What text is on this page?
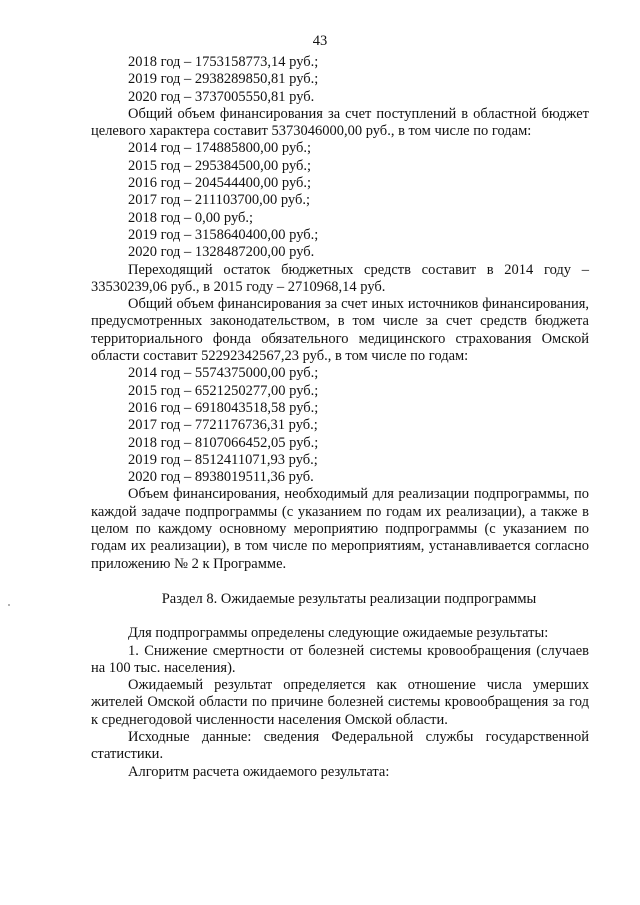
43

2018 год – 1753158773,14 руб.;

2019 год – 2938289850,81 руб.;

2020 год – 3737005550,81 руб.

Общий объем финансирования за счет поступлений в областной бюджет целевого характера составит 5373046000,00 руб., в том числе по годам:

2014 год – 174885800,00 руб.;

2015 год – 295384500,00 руб.;

2016 год – 204544400,00 руб.;

2017 год – 211103700,00 руб.;

2018 год – 0,00 руб.;

2019 год – 3158640400,00 руб.;

2020 год – 1328487200,00 руб.

Переходящий остаток бюджетных средств составит в 2014 году – 33530239,06 руб., в 2015 году – 2710968,14 руб.

Общий объем финансирования за счет иных источников финансирования, предусмотренных законодательством, в том числе за счет средств бюджета территориального фонда обязательного медицинского страхования Омской области составит 52292342567,23 руб., в том числе по годам:

2014 год – 5574375000,00 руб.;

2015 год – 6521250277,00 руб.;

2016 год – 6918043518,58 руб.;

2017 год – 7721176736,31 руб.;

2018 год – 8107066452,05 руб.;

2019 год – 8512411071,93 руб.;

2020 год – 8938019511,36 руб.

Объем финансирования, необходимый для реализации подпрограммы, по каждой задаче подпрограммы (с указанием по годам их реализации), а также в целом по каждому основному мероприятию подпрограммы (с указанием по годам их реализации), в том числе по мероприятиям, устанавливается согласно приложению № 2 к Программе.

Раздел 8. Ожидаемые результаты реализации подпрограммы

Для подпрограммы определены следующие ожидаемые результаты:

1. Снижение смертности от болезней системы кровообращения (случаев на 100 тыс. населения).

Ожидаемый результат определяется как отношение числа умерших жителей Омской области по причине болезней системы кровообращения за год к среднегодовой численности населения Омской области.

Исходные данные: сведения Федеральной службы государственной статистики.

Алгоритм расчета ожидаемого результата:
